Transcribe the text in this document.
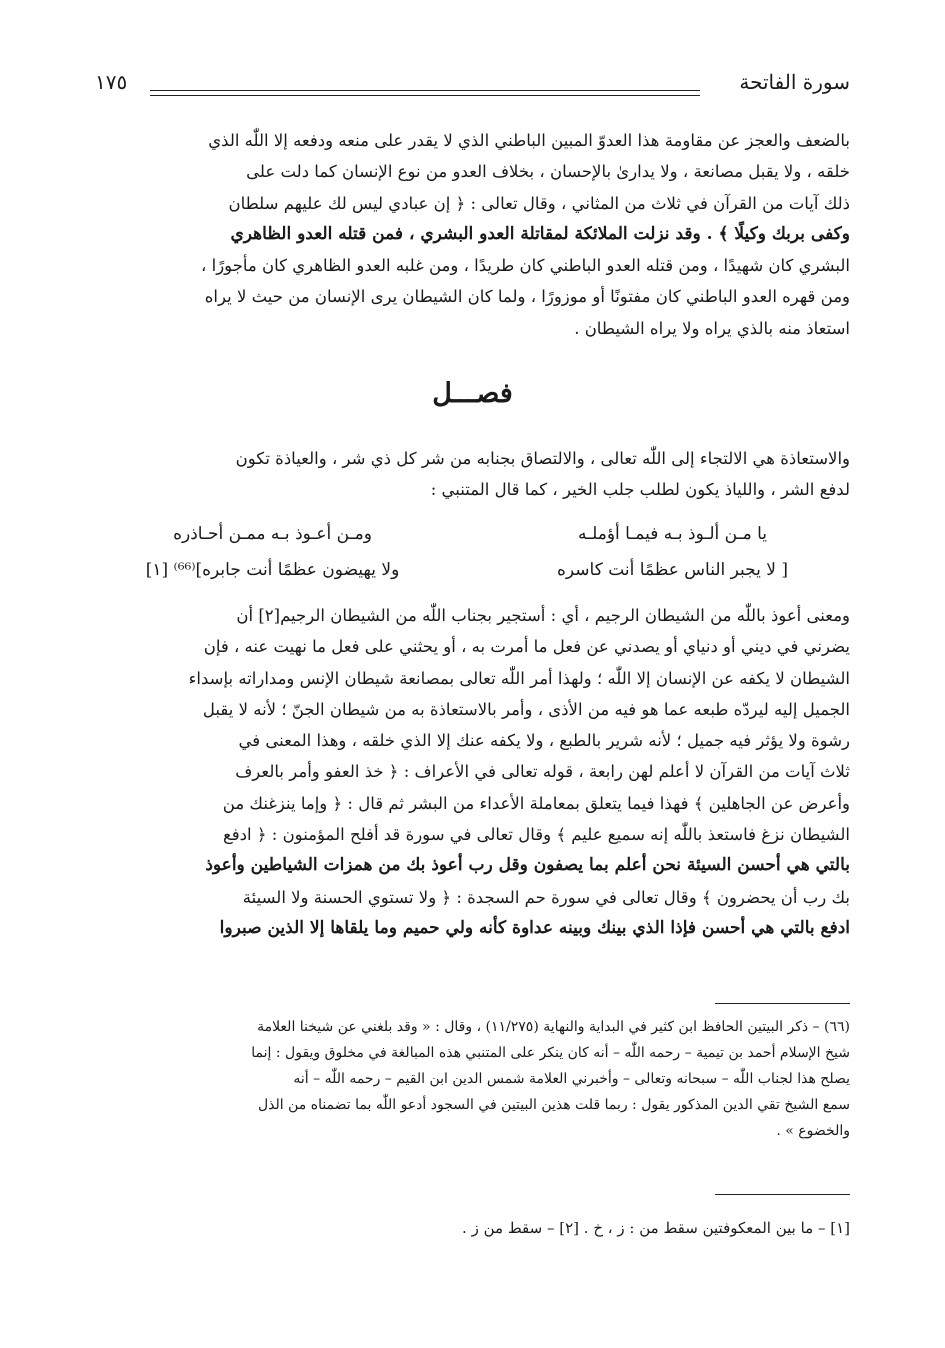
سورة الفاتحة
١٧٥
بالضعف والعجز عن مقاومة هذا العدوّ المبين الباطني الذي لا يقدر على منعه ودفعه إلا اللّٰه الذي
خلقه ، ولا يقبل مصانعة ، ولا يدارىٰ بالإحسان ، بخلاف العدو من نوع الإنسان كما دلت على
ذلك آيات من القرآن في ثلاث من المثاني ، وقال تعالى : ﴿ إن عبادي ليس لك عليهم سلطان
وكفى بربك وكيلًا ﴾ . وقد نزلت الملائكة لمقاتلة العدو البشري ، فمن قتله العدو الظاهري
البشري كان شهيدًا ، ومن قتله العدو الباطني كان طريدًا ، ومن غلبه العدو الظاهري كان مأجورًا ،
ومن قهره العدو الباطني كان مفتونًا أو موزورًا ، ولما كان الشيطان يرى الإنسان من حيث لا يراه
استعاذ منه بالذي يراه ولا يراه الشيطان .
فصـــل
والاستعاذة هي الالتجاء إلى اللّٰه تعالى ، والالتصاق بجنابه من شر كل ذي شر ، والعياذة تكون
لدفع الشر ، واللياذ يكون لطلب جلب الخير ، كما قال المتنبي :
يا مـن ألـوذ بـه فيمـا أؤملـه
ومـن أعـوذ بـه ممـن أحـاذره
[ لا يجبر الناس عظمًا أنت كاسره
ولا يهيضون عظمًا أنت جابره]⁽⁶⁶⁾ [١]
ومعنى أعوذ باللّٰه من الشيطان الرجيم ، أي : أستجير بجناب اللّٰه من الشيطان الرجيم[٢] أن
يضرني في ديني أو دنياي أو يصدني عن فعل ما أمرت به ، أو يحثني على فعل ما نهيت عنه ، فإن
الشيطان لا يكفه عن الإنسان إلا اللّٰه ؛ ولهذا أمر اللّٰه تعالى بمصانعة شيطان الإنس ومداراته بإسداء
الجميل إليه ليردّه طبعه عما هو فيه من الأذى ، وأمر بالاستعاذة به من شيطان الجنّ ؛ لأنه لا يقبل
رشوة ولا يؤثر فيه جميل ؛ لأنه شرير بالطبع ، ولا يكفه عنك إلا الذي خلقه ، وهذا المعنى في
ثلاث آيات من القرآن لا أعلم لهن رابعة ، قوله تعالى في الأعراف : ﴿ خذ العفو وأمر بالعرف
وأعرض عن الجاهلين ﴾ فهذا فيما يتعلق بمعاملة الأعداء من البشر ثم قال : ﴿ وإما ينزغنك من
الشيطان نزغ فاستعذ باللّٰه إنه سميع عليم ﴾ وقال تعالى في سورة قد أفلح المؤمنون : ﴿ ادفع
بالتي هي أحسن السيئة نحن أعلم بما يصفون وقل رب أعوذ بك من همزات الشياطين وأعوذ
بك رب أن يحضرون ﴾ وقال تعالى في سورة حم السجدة : ﴿ ولا تستوي الحسنة ولا السيئة
ادفع بالتي هي أحسن فإذا الذي بينك وبينه عداوة كأنه ولي حميم وما يلقاها إلا الذين صبروا
(٦٦) – ذكر البيتين الحافظ ابن كثير في البداية والنهاية (١١/٢٧٥) ، وقال : « وقد بلغني عن شيخنا العلامة
شيخ الإسلام أحمد بن تيمية – رحمه اللّٰه – أنه كان ينكر على المتنبي هذه المبالغة في مخلوق ويقول : إنما
يصلح هذا لجناب اللّٰه – سبحانه وتعالى – وأخبرني العلامة شمس الدين ابن القيم – رحمه اللّٰه – أنه
سمع الشيخ تقي الدين المذكور يقول : ربما قلت هذين البيتين في السجود أدعو اللّٰه بما تضمناه من الذل
والخضوع » .
[١] – ما بين المعكوفتين سقط من : ز ، خ . [٢] – سقط من ز .
